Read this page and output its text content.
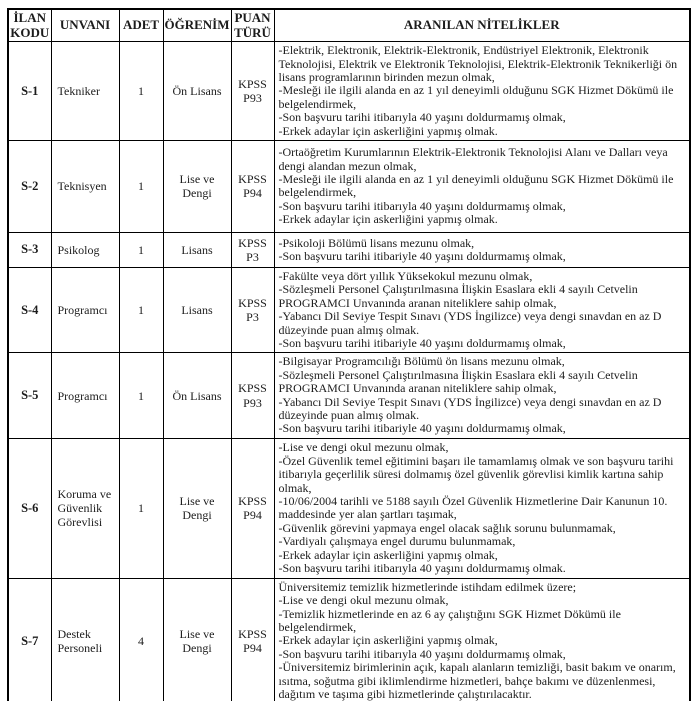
İLAN KODU	UNVANI	ADET	ÖĞRENİM	PUAN TÜRÜ	ARANILAN NİTELİKLER
S-1	Tekniker	1	Ön Lisans	KPSS P93	-Elektrik, Elektronik, Elektrik-Elektronik, Endüstriyel Elektronik, Elektronik Teknolojisi, Elektrik ve Elektronik Teknolojisi, Elektrik-Elektronik Teknikerliği ön lisans programlarının birinden mezun olmak,
-Mesleği ile ilgili alanda en az 1 yıl deneyimli olduğunu SGK Hizmet Dökümü ile belgelendirmek,
-Son başvuru tarihi itibarıyla 40 yaşını doldurmamış olmak,
-Erkek adaylar için askerliğini yapmış olmak.

S-2	Teknisyen	1	Lise ve Dengi	KPSS P94	-Ortaöğretim Kurumlarının Elektrik-Elektronik Teknolojisi Alanı ve Dalları veya dengi alandan mezun olmak,
-Mesleği ile ilgili alanda en az 1 yıl deneyimli olduğunu SGK Hizmet Dökümü ile belgelendirmek,
-Son başvuru tarihi itibarıyla 40 yaşını doldurmamış olmak,
-Erkek adaylar için askerliğini yapmış olmak.

S-3	Psikolog	1	Lisans	KPSS P3	-Psikoloji Bölümü lisans mezunu olmak,
-Son başvuru tarihi itibariyle 40 yaşını doldurmamış olmak,

S-4	Programcı	1	Lisans	KPSS P3	-Fakülte veya dört yıllık Yüksekokul mezunu olmak,
-Sözleşmeli Personel Çalıştırılmasına İlişkin Esaslara ekli 4 sayılı Cetvelin PROGRAMCI Unvanında aranan niteliklere sahip olmak,
-Yabancı Dil Seviye Tespit Sınavı (YDS İngilizce) veya dengi sınavdan en az D düzeyinde puan almış olmak.
-Son başvuru tarihi itibariyle 40 yaşını doldurmamış olmak,

S-5	Programcı	1	Ön Lisans	KPSS P93	-Bilgisayar Programcılığı Bölümü ön lisans mezunu olmak,
-Sözleşmeli Personel Çalıştırılmasına İlişkin Esaslara ekli 4 sayılı Cetvelin PROGRAMCI Unvanında aranan niteliklere sahip olmak,
-Yabancı Dil Seviye Tespit Sınavı (YDS İngilizce) veya dengi sınavdan en az D düzeyinde puan almış olmak.
-Son başvuru tarihi itibariyle 40 yaşını doldurmamış olmak,

S-6	Koruma ve Güvenlik Görevlisi	1	Lise ve Dengi	KPSS P94	
-Lise ve dengi okul mezunu olmak,
-Özel Güvenlik temel eğitimini başarı ile tamamlamış olmak ve son başvuru tarihi itibarıyla geçerlilik süresi dolmamış özel güvenlik görevlisi kimlik kartına sahip olmak,
-10/06/2004 tarihli ve 5188 sayılı Özel Güvenlik Hizmetlerine Dair Kanunun 10. maddesinde yer alan şartları taşımak,
-Güvenlik görevini yapmaya engel olacak sağlık sorunu bulunmamak,
-Vardiyalı çalışmaya engel durumu bulunmamak,
-Erkek adaylar için askerliğini yapmış olmak,
-Son başvuru tarihi itibarıyla 40 yaşını doldurmamış olmak.

S-7	Destek Personeli	4	Lise ve Dengi	KPSS P94	
Üniversitemiz temizlik hizmetlerinde istihdam edilmek üzere;
-Lise ve dengi okul mezunu olmak,
-Temizlik hizmetlerinde en az 6 ay çalıştığını SGK Hizmet Dökümü ile belgelendirmek,
-Erkek adaylar için askerliğini yapmış olmak,
-Son başvuru tarihi itibarıyla 40 yaşını doldurmamış olmak,
-Üniversitemiz birimlerinin açık, kapalı alanların temizliği, basit bakım ve onarım, ısıtma, soğutma gibi iklimlendirme hizmetleri, bahçe bakımı ve düzenlenmesi, dağıtım ve taşıma gibi hizmetlerinde çalıştırılacaktır.
